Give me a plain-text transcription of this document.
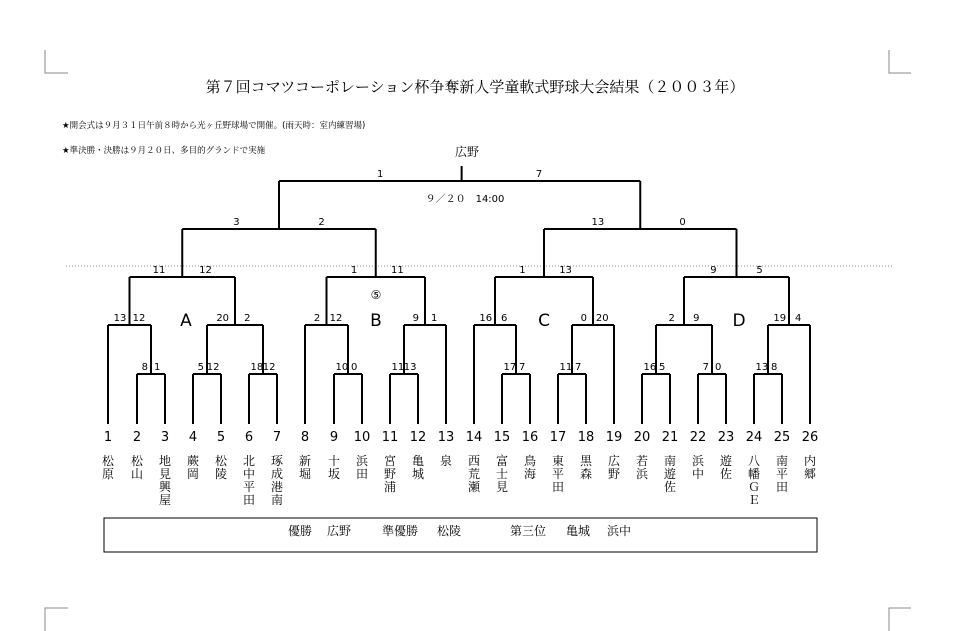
第７回コマツコーポレーション杯争奪新人学童軟式野球大会結果（２００３年）
★開会式は９月３１日午前８時から光ヶ丘野球場で開催。(雨天時：室内練習場)
★準決勝・決勝は９月２０日、多目的グランドで実施	広野
９／２０　14:00
8 1	5 12	18 12
13 12	20 2
11	12
10 0	11 13
2 12	9 1
1	11
17 7	11 7
16 6	0 20
1	13
16 5	7 0	13 8
2 9	19 4
9	5
3	2	13	0
1	7
1
松
原
2
松
山
3
地
見
興
屋
4
蕨
岡
5
松
陵
6
北
中
平
田
7
琢
成
港
南
8
新
堀
9
十
坂
10
浜
田
11
宮
野
浦
12
亀
城
13
泉
14
西
荒
瀬
15
富
士
見
16
鳥
海
17
東
平
田
18
黒
森
19
広
野
20
若
浜
21
南
遊
佐
22
浜
中
23
遊
佐
24
八
幡
Ｇ
Ｅ
25
南
平
田
26
内
郷
A	B	C	D
⑤
優勝 広野	準優勝 松陵	第三位 亀城 浜中
